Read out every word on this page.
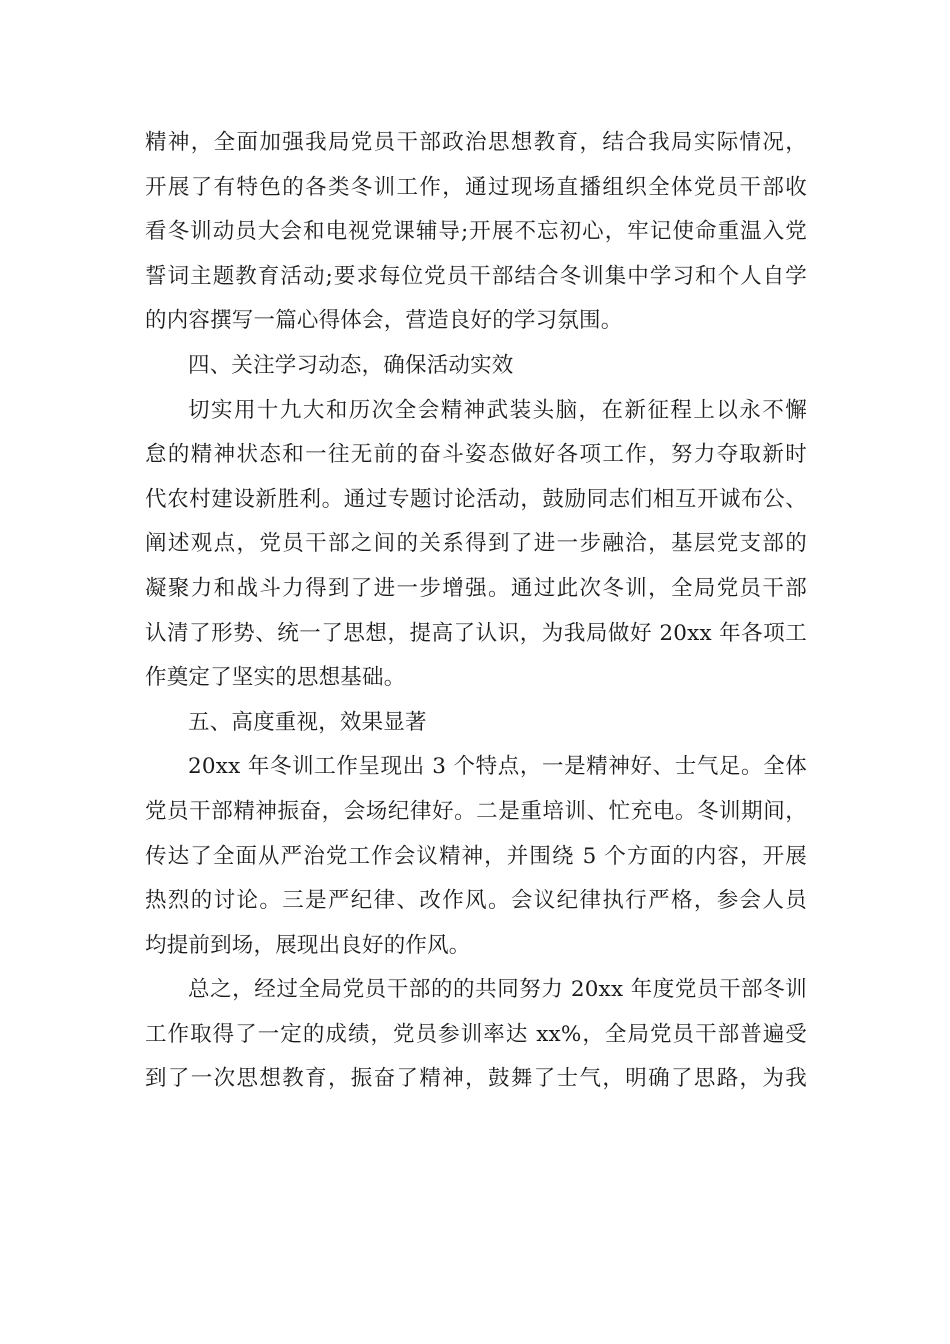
精神，全面加强我局党员干部政治思想教育，结合我局实际情况，
开展了有特色的各类冬训工作，通过现场直播组织全体党员干部收
看冬训动员大会和电视党课辅导;开展不忘初心，牢记使命重温入党
誓词主题教育活动;要求每位党员干部结合冬训集中学习和个人自学
的内容撰写一篇心得体会，营造良好的学习氛围。

四、关注学习动态，确保活动实效

切实用十九大和历次全会精神武装头脑，在新征程上以永不懈
怠的精神状态和一往无前的奋斗姿态做好各项工作，努力夺取新时
代农村建设新胜利。通过专题讨论活动，鼓励同志们相互开诚布公、
阐述观点，党员干部之间的关系得到了进一步融洽，基层党支部的
凝聚力和战斗力得到了进一步增强。通过此次冬训，全局党员干部
认清了形势、统一了思想，提高了认识，为我局做好 20xx 年各项工
作奠定了坚实的思想基础。

五、高度重视，效果显著

20xx 年冬训工作呈现出 3 个特点，一是精神好、士气足。全体
党员干部精神振奋，会场纪律好。二是重培训、忙充电。冬训期间，
传达了全面从严治党工作会议精神，并围绕 5 个方面的内容，开展
热烈的讨论。三是严纪律、改作风。会议纪律执行严格，参会人员
均提前到场，展现出良好的作风。

总之，经过全局党员干部的的共同努力 20xx 年度党员干部冬训
工作取得了一定的成绩，党员参训率达 xx%，全局党员干部普遍受
到了一次思想教育，振奋了精神，鼓舞了士气，明确了思路，为我
